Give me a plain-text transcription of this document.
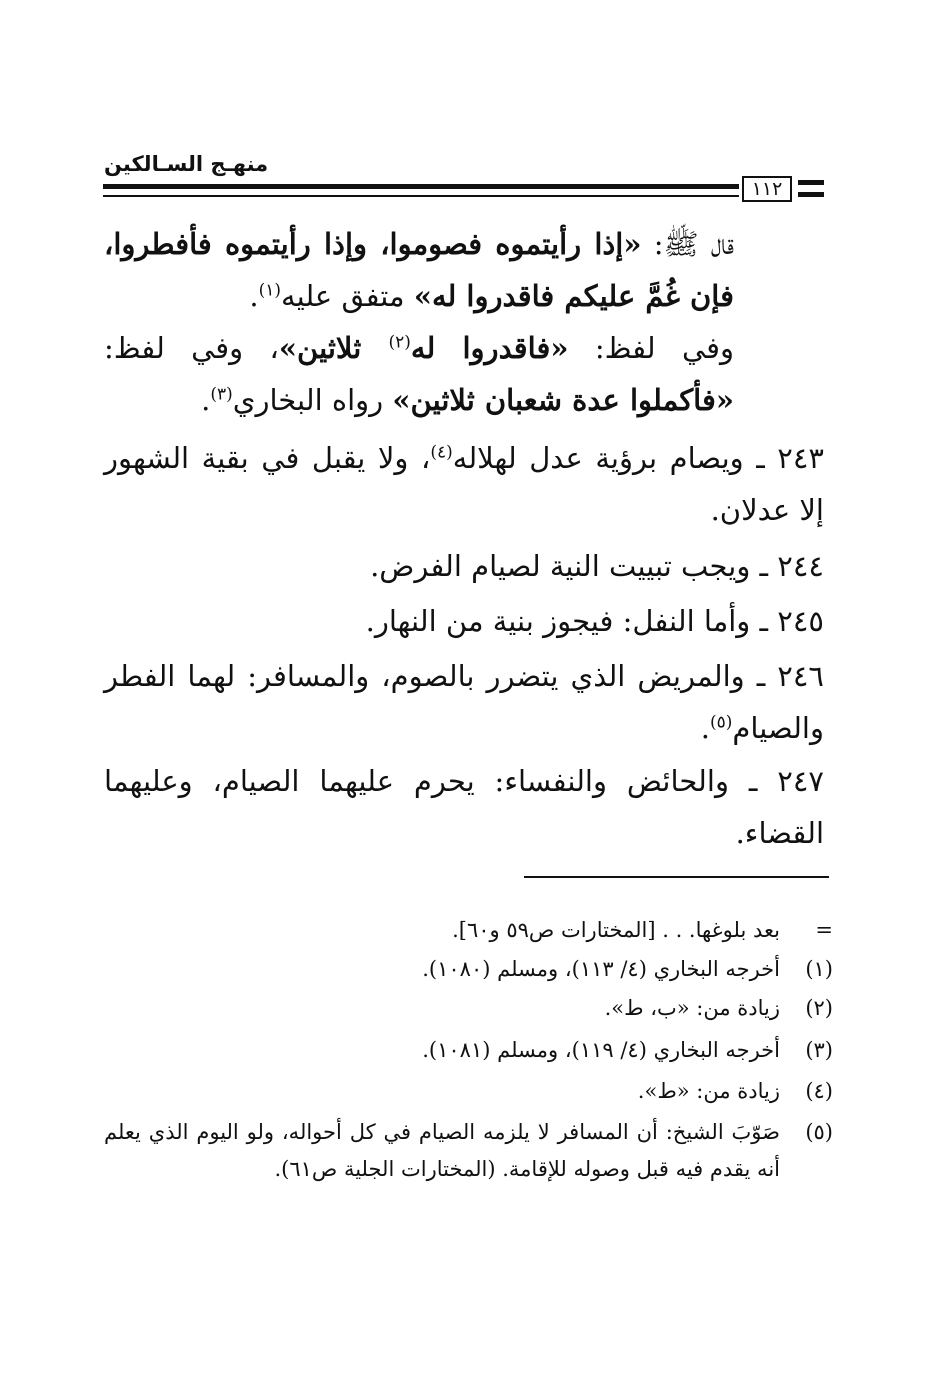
منهـج السـالكين
١١٢
قال ﷺ: «إذا رأيتموه فصوموا، وإذا رأيتموه فأفطروا، فإن غُمَّ عليكم فاقدروا له» متفق عليه$^{(١)}$.
وفي لفظ: «فاقدروا له$^{(٢)}$ ثلاثين»، وفي لفظ: «فأكملوا عدة شعبان ثلاثين» رواه البخاري$^{(٣)}$.
٢٤٣ ـ ويصام برؤية عدل لهلاله$^{(٤)}$، ولا يقبل في بقية الشهور إلا عدلان.
٢٤٤ ـ ويجب تبييت النية لصيام الفرض.
٢٤٥ ـ وأما النفل: فيجوز بنية من النهار.
٢٤٦ ـ والمريض الذي يتضرر بالصوم، والمسافر: لهما الفطر والصيام$^{(٥)}$.
٢٤٧ ـ والحائض والنفساء: يحرم عليهما الصيام، وعليهما القضاء.
=
بعد بلوغها. . . [المختارات ص٥٩ و٦٠].
(١)
أخرجه البخاري (٤/ ١١٣)، ومسلم (١٠٨٠).
(٢)
زيادة من: «ب، ط».
(٣)
أخرجه البخاري (٤/ ١١٩)، ومسلم (١٠٨١).
(٤)
زيادة من: «ط».
(٥)
صَوّبَ الشيخ: أن المسافر لا يلزمه الصيام في كل أحواله، ولو اليوم الذي يعلم أنه يقدم فيه قبل وصوله للإقامة. (المختارات الجلية ص٦١).
